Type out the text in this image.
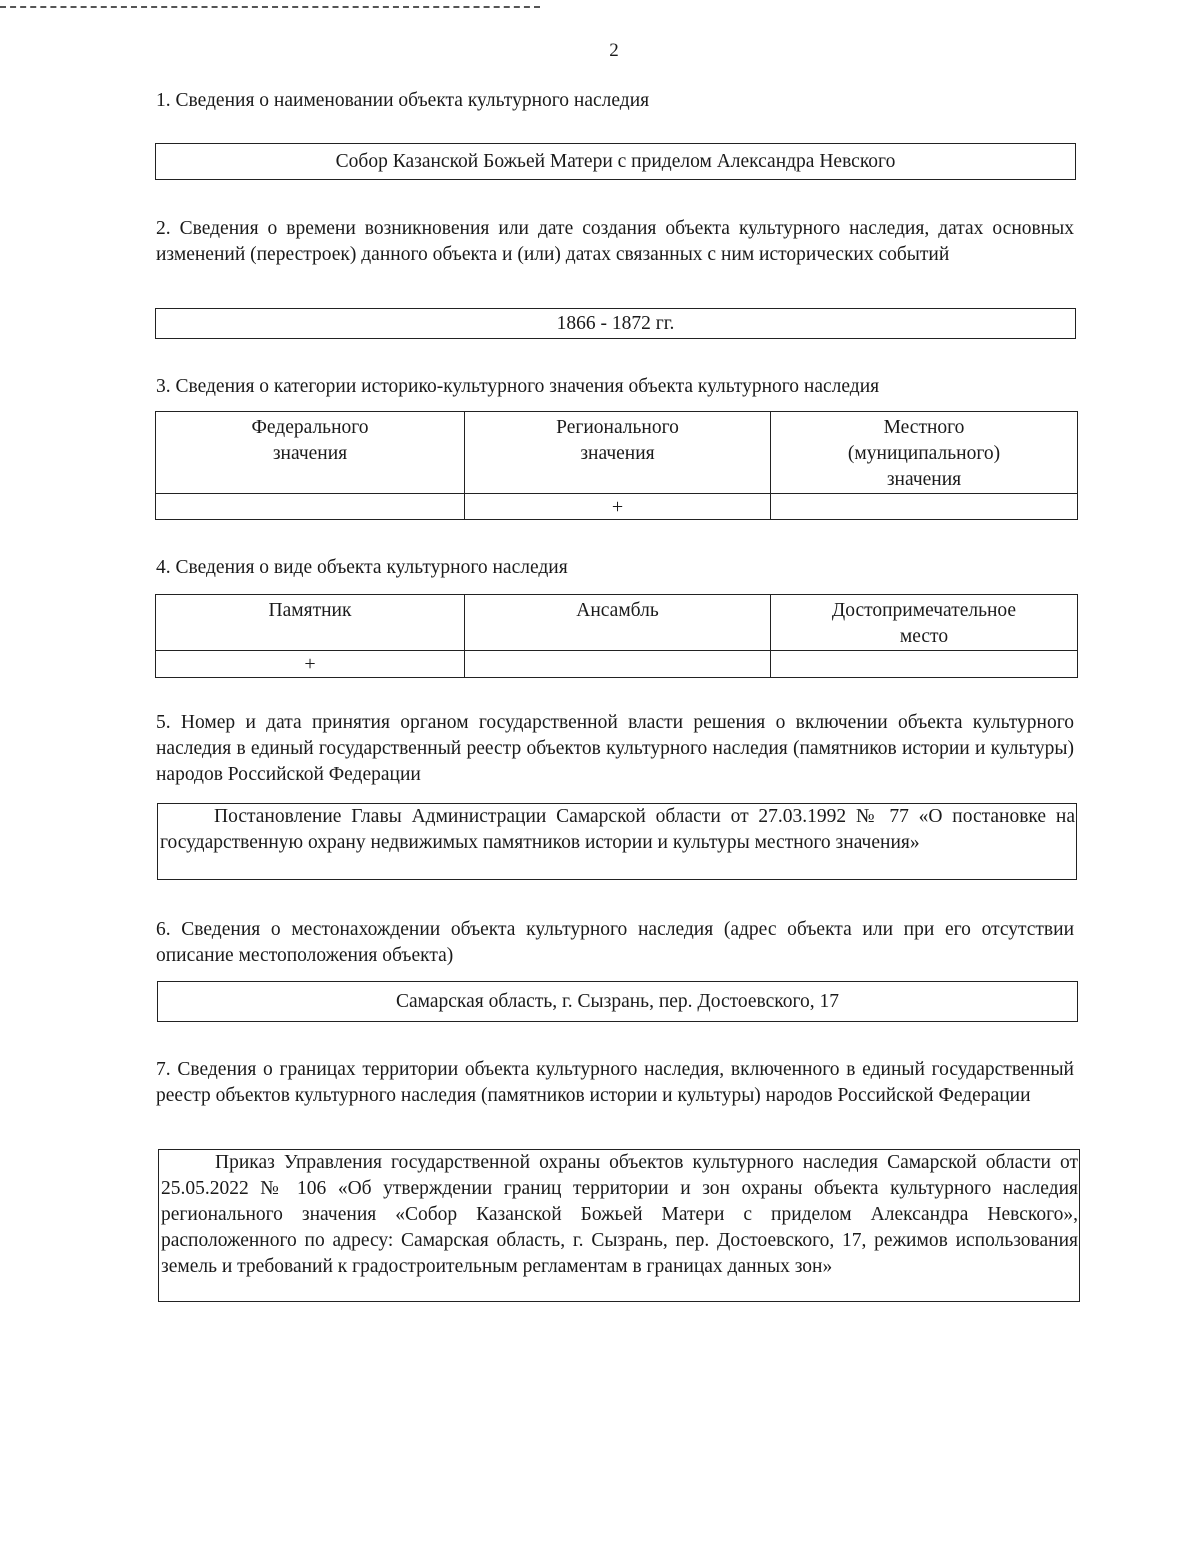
2
1. Сведения о наименовании объекта культурного наследия
Собор Казанской Божьей Матери с приделом Александра Невского
2. Сведения о времени возникновения или дате создания объекта культурного наследия, датах основных изменений (перестроек) данного объекта и (или) датах связанных с ним исторических событий
1866 - 1872 гг.
3. Сведения о категории историко-культурного значения объекта культурного наследия
Федерального значения	Регионального значения	Местного (муниципального) значения

	+	
4. Сведения о виде объекта культурного наследия
Памятник	Ансамбль	Достопримечательное место

+		
5. Номер и дата принятия органом государственной власти решения о включении объекта культурного наследия в единый государственный реестр объектов культурного наследия (памятников истории и культуры) народов Российской Федерации
Постановление Главы Администрации Самарской области от 27.03.1992 № 77 «О постановке на государственную охрану недвижимых памятников истории и культуры местного значения»
6. Сведения о местонахождении объекта культурного наследия (адрес объекта или при его отсутствии описание местоположения объекта)
Самарская область, г. Сызрань, пер. Достоевского, 17
7. Сведения о границах территории объекта культурного наследия, включенного в единый государственный реестр объектов культурного наследия (памятников истории и культуры) народов Российской Федерации
Приказ Управления государственной охраны объектов культурного наследия Самарской области от 25.05.2022 № 106 «Об утверждении границ территории и зон охраны объекта культурного наследия регионального значения «Собор Казанской Божьей Матери с приделом Александра Невского», расположенного по адресу: Самарская область, г. Сызрань, пер. Достоевского, 17, режимов использования земель и требований к градостроительным регламентам в границах данных зон»
